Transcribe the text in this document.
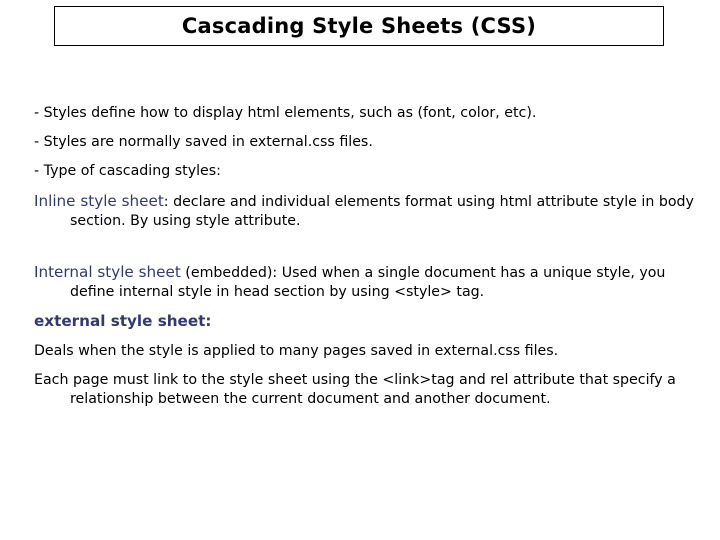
Cascading Style Sheets (CSS)

- Styles define how to display html elements, such as (font, color, etc).

- Styles are normally saved in external.css files.

- Type of cascading styles:

Inline style sheet: declare and individual elements format using html attribute style in body section. By using style attribute.

Internal style sheet (embedded): Used when a single document has a unique style, you define internal style in head section by using <style> tag.

external style sheet:

Deals when the style is applied to many pages saved in external.css files.

Each page must link to the style sheet using the <link>tag and rel attribute that specify a relationship between the current document and another document.
